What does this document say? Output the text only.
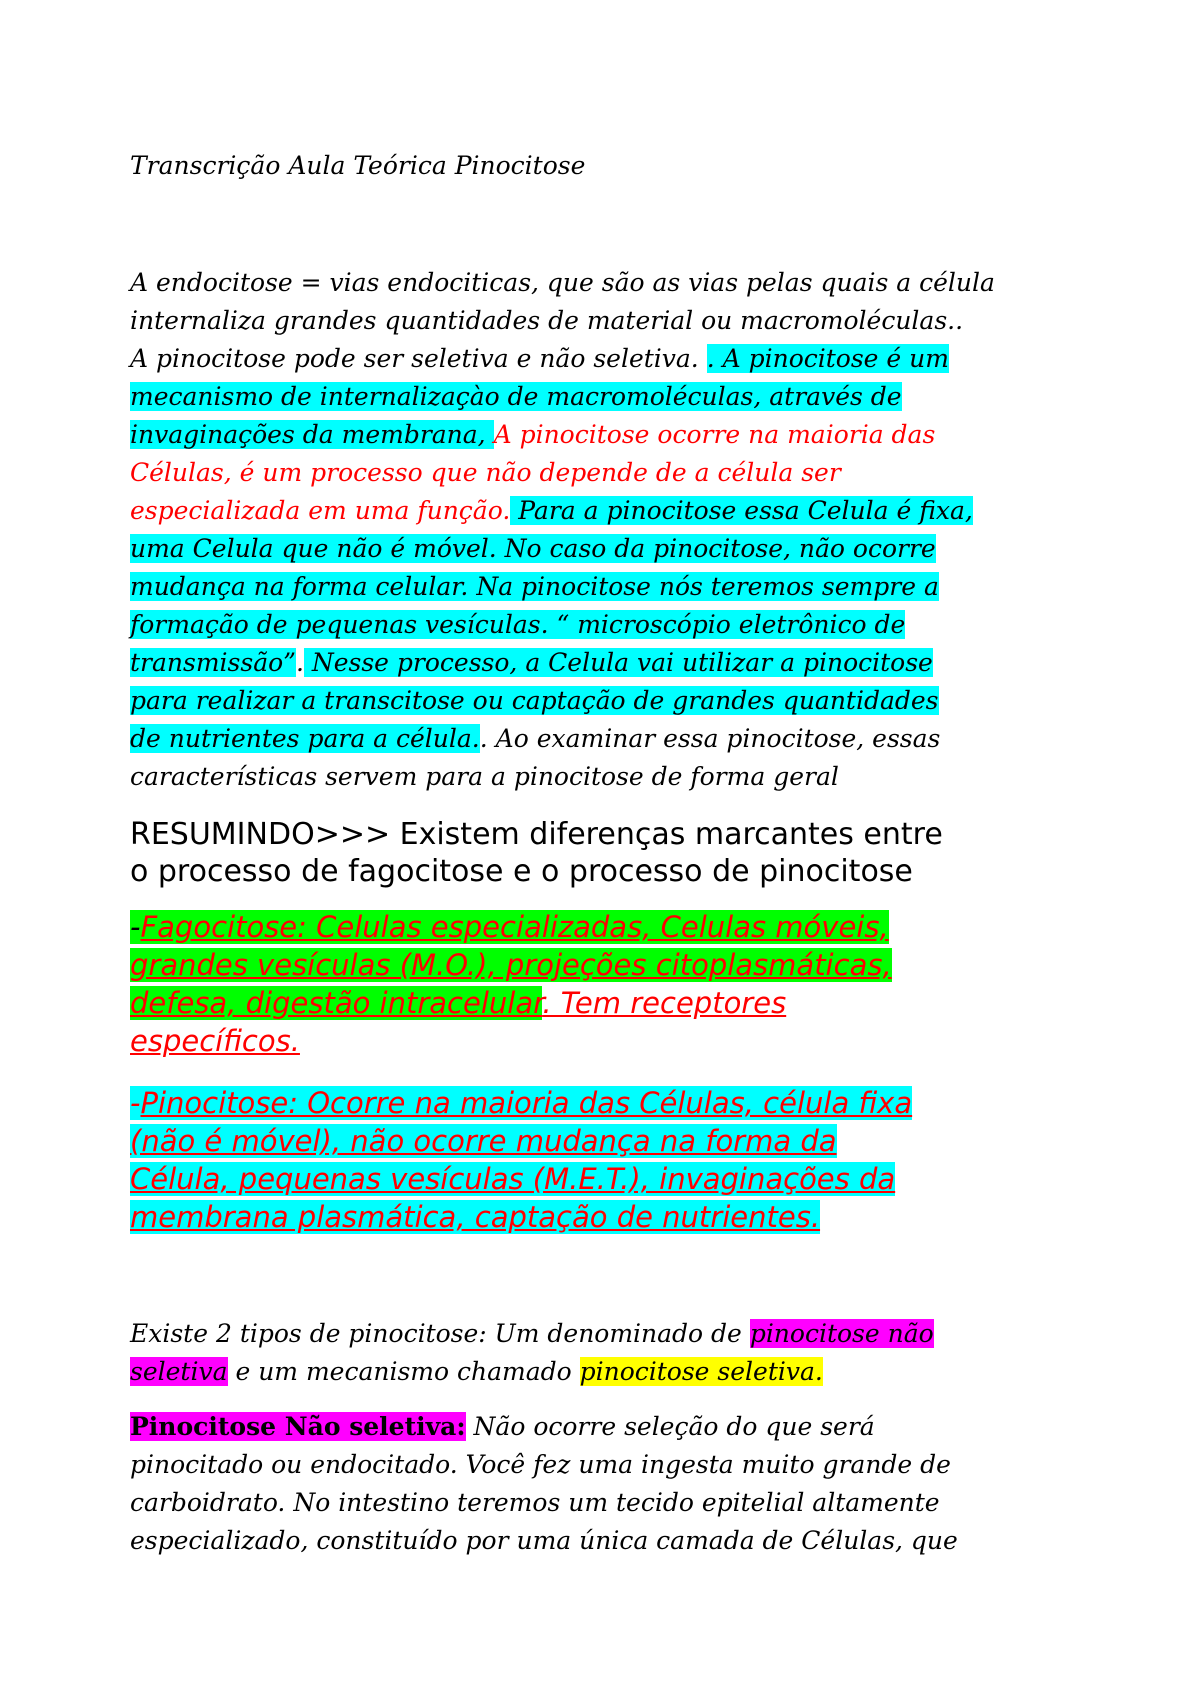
Transcrição Aula Teórica Pinocitose
A endocitose = vias endociticas, que são as vias pelas quais a célula
internaliza grandes quantidades de material ou macromoléculas..
A pinocitose pode ser seletiva e não seletiva. . A pinocitose é um
mecanismo de internalizaçào de macromoléculas, através de
invaginações da membrana, A pinocitose ocorre na maioria das
Células, é um processo que não depende de a célula ser
especializada em uma função. Para a pinocitose essa Celula é fixa,
uma Celula que não é móvel. No caso da pinocitose, não ocorre
mudança na forma celular. Na pinocitose nós teremos sempre a
formação de pequenas vesículas. “ microscópio eletrônico de
transmissão”. Nesse processo, a Celula vai utilizar a pinocitose
para realizar a transcitose ou captação de grandes quantidades
de nutrientes para a célula.. Ao examinar essa pinocitose, essas
características servem para a pinocitose de forma geral
RESUMINDO>>> Existem diferenças marcantes entre
o processo de fagocitose e o processo de pinocitose
-Fagocitose: Celulas especializadas, Celulas móveis,
grandes vesículas (M.O.), projeções citoplasmáticas,
defesa, digestão intracelular. Tem receptores
específicos.
-Pinocitose: Ocorre na maioria das Células, célula fixa
(não é móvel), não ocorre mudança na forma da
Célula, pequenas vesículas (M.E.T.), invaginações da
membrana plasmática, captação de nutrientes.
Existe 2 tipos de pinocitose: Um denominado de pinocitose não
seletiva e um mecanismo chamado pinocitose seletiva.
Pinocitose Não seletiva: Não ocorre seleção do que será
pinocitado ou endocitado. Você fez uma ingesta muito grande de
carboidrato. No intestino teremos um tecido epitelial altamente
especializado, constituído por uma única camada de Células, que
